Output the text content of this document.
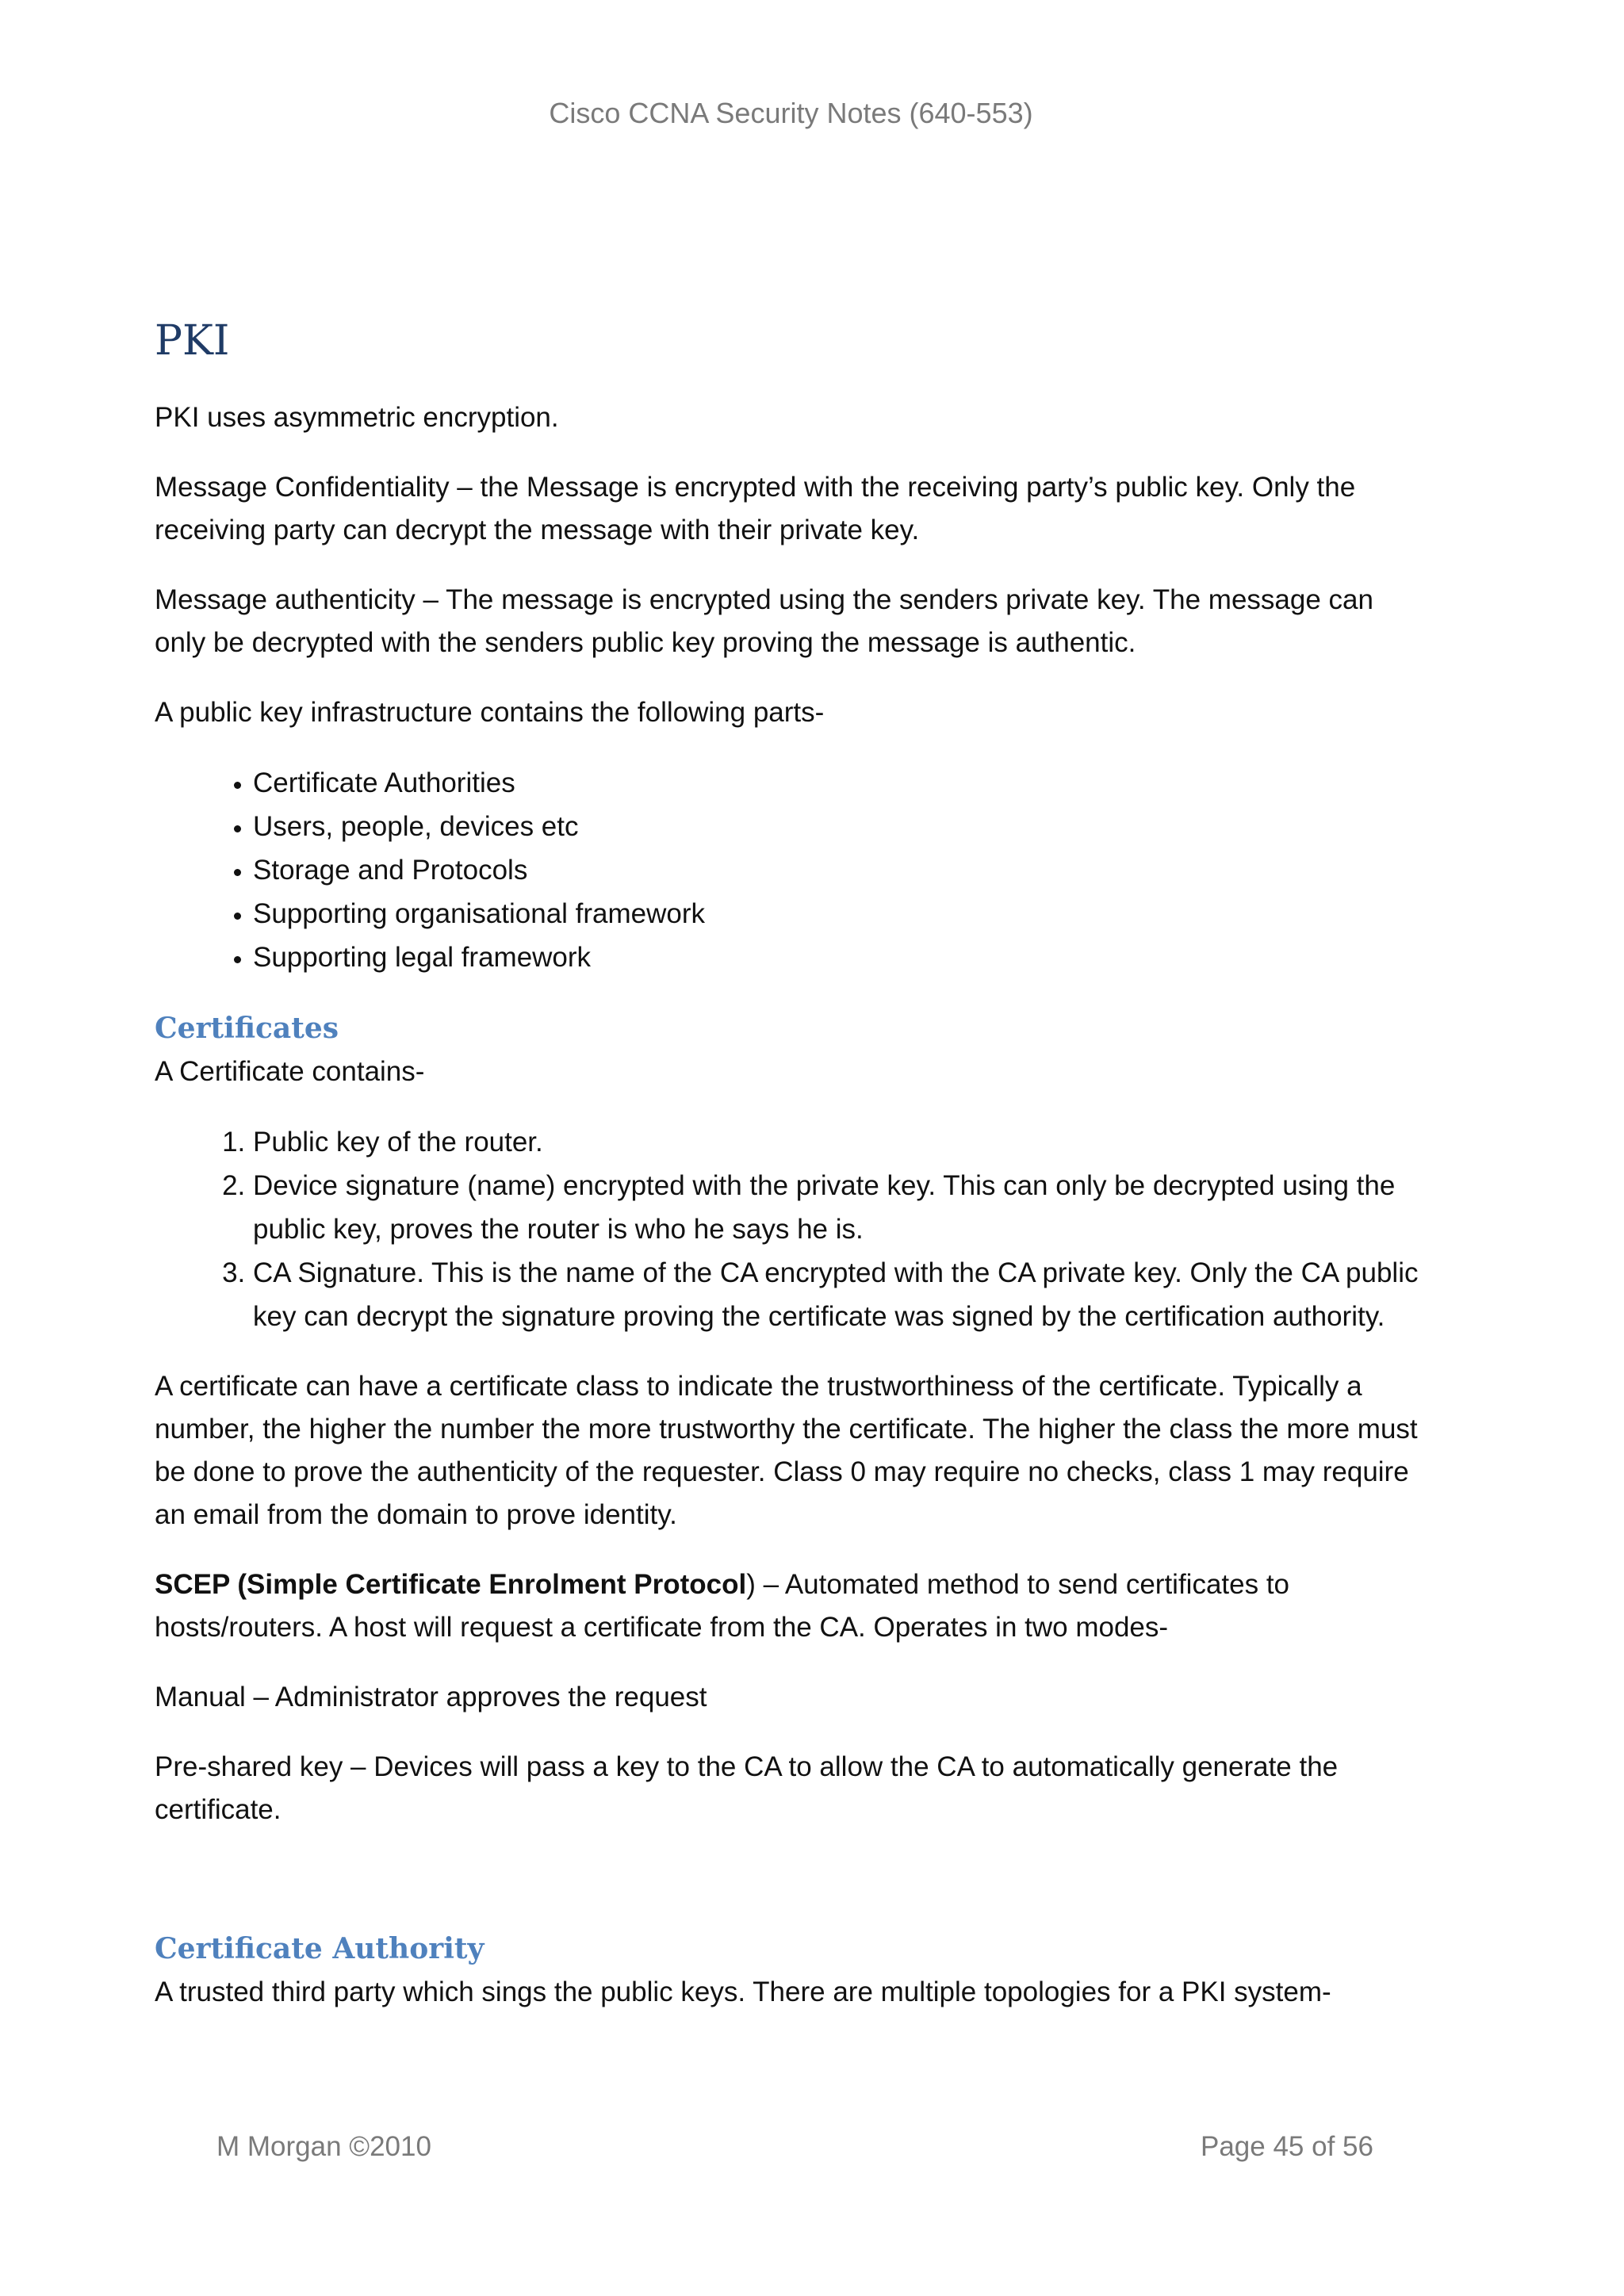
Cisco CCNA Security Notes (640-553)
PKI

PKI uses asymmetric encryption.

Message Confidentiality – the Message is encrypted with the receiving party’s public key. Only the receiving party can decrypt the message with their private key.

Message authenticity – The message is encrypted using the senders private key. The message can only be decrypted with the senders public key proving the message is authentic.

A public key infrastructure contains the following parts-

• Certificate Authorities
• Users, people, devices etc
• Storage and Protocols
• Supporting organisational framework
• Supporting legal framework
Certificates

A Certificate contains-

1. Public key of the router.
2. Device signature (name) encrypted with the private key. This can only be decrypted using the public key, proves the router is who he says he is.
3. CA Signature. This is the name of the CA encrypted with the CA private key. Only the CA public key can decrypt the signature proving the certificate was signed by the certification authority.

A certificate can have a certificate class to indicate the trustworthiness of the certificate. Typically a number, the higher the number the more trustworthy the certificate. The higher the class the more must be done to prove the authenticity of the requester. Class 0 may require no checks, class 1 may require an email from the domain to prove identity.

SCEP (Simple Certificate Enrolment Protocol) – Automated method to send certificates to hosts/routers. A host will request a certificate from the CA. Operates in two modes-

Manual – Administrator approves the request

Pre-shared key – Devices will pass a key to the CA to allow the CA to automatically generate the certificate.

Certificate Authority

A trusted third party which sings the public keys. There are multiple topologies for a PKI system-

M Morgan ©2010	Page 45 of 56
